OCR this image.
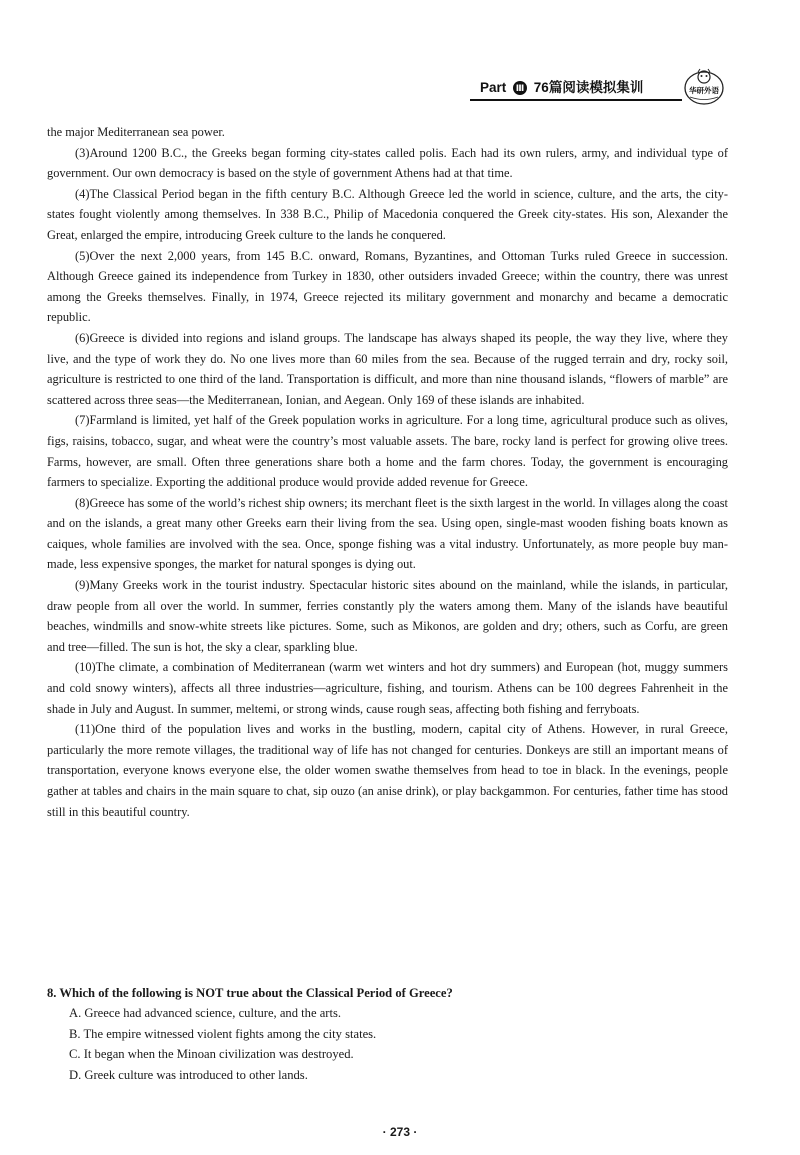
Part Ⅲ 76篇阅读模拟集训	华研外语

the major Mediterranean sea power.

(3)Around 1200 B.C., the Greeks began forming city-states called polis. Each had its own rulers, army, and individual type of government. Our own democracy is based on the style of government Athens had at that time.

(4)The Classical Period began in the fifth century B.C. Although Greece led the world in science, culture, and the arts, the city-states fought violently among themselves. In 338 B.C., Philip of Macedonia conquered the Greek city-states. His son, Alexander the Great, enlarged the empire, introducing Greek culture to the lands he conquered.

(5)Over the next 2,000 years, from 145 B.C. onward, Romans, Byzantines, and Ottoman Turks ruled Greece in succession. Although Greece gained its independence from Turkey in 1830, other outsiders invaded Greece; within the country, there was unrest among the Greeks themselves. Finally, in 1974, Greece rejected its military government and monarchy and became a democratic republic.

(6)Greece is divided into regions and island groups. The landscape has always shaped its people, the way they live, where they live, and the type of work they do. No one lives more than 60 miles from the sea. Because of the rugged terrain and dry, rocky soil, agriculture is restricted to one third of the land. Transportation is difficult, and more than nine thousand islands, “flowers of marble” are scattered across three seas—the Mediterranean, Ionian, and Aegean. Only 169 of these islands are inhabited.

(7)Farmland is limited, yet half of the Greek population works in agriculture. For a long time, agricultural produce such as olives, figs, raisins, tobacco, sugar, and wheat were the country’s most valuable assets. The bare, rocky land is perfect for growing olive trees. Farms, however, are small. Often three generations share both a home and the farm chores. Today, the government is encouraging farmers to specialize. Exporting the additional produce would provide added revenue for Greece.

(8)Greece has some of the world’s richest ship owners; its merchant fleet is the sixth largest in the world. In villages along the coast and on the islands, a great many other Greeks earn their living from the sea. Using open, single-mast wooden fishing boats known as caiques, whole families are involved with the sea. Once, sponge fishing was a vital industry. Unfortunately, as more people buy man-made, less expensive sponges, the market for natural sponges is dying out.

(9)Many Greeks work in the tourist industry. Spectacular historic sites abound on the mainland, while the islands, in particular, draw people from all over the world. In summer, ferries constantly ply the waters among them. Many of the islands have beautiful beaches, windmills and snow-white streets like pictures. Some, such as Mikonos, are golden and dry; others, such as Corfu, are green and tree—filled. The sun is hot, the sky a clear, sparkling blue.

(10)The climate, a combination of Mediterranean (warm wet winters and hot dry summers) and European (hot, muggy summers and cold snowy winters), affects all three industries—agriculture, fishing, and tourism. Athens can be 100 degrees Fahrenheit in the shade in July and August. In summer, meltemi, or strong winds, cause rough seas, affecting both fishing and ferryboats.

(11)One third of the population lives and works in the bustling, modern, capital city of Athens. However, in rural Greece, particularly the more remote villages, the traditional way of life has not changed for centuries. Donkeys are still an important means of transportation, everyone knows everyone else, the older women swathe themselves from head to toe in black. In the evenings, people gather at tables and chairs in the main square to chat, sip ouzo (an anise drink), or play backgammon. For centuries, father time has stood still in this beautiful country.

8. Which of the following is NOT true about the Classical Period of Greece?
A. Greece had advanced science, culture, and the arts.
B. The empire witnessed violent fights among the city states.
C. It began when the Minoan civilization was destroyed.
D. Greek culture was introduced to other lands.
· 273 ·
